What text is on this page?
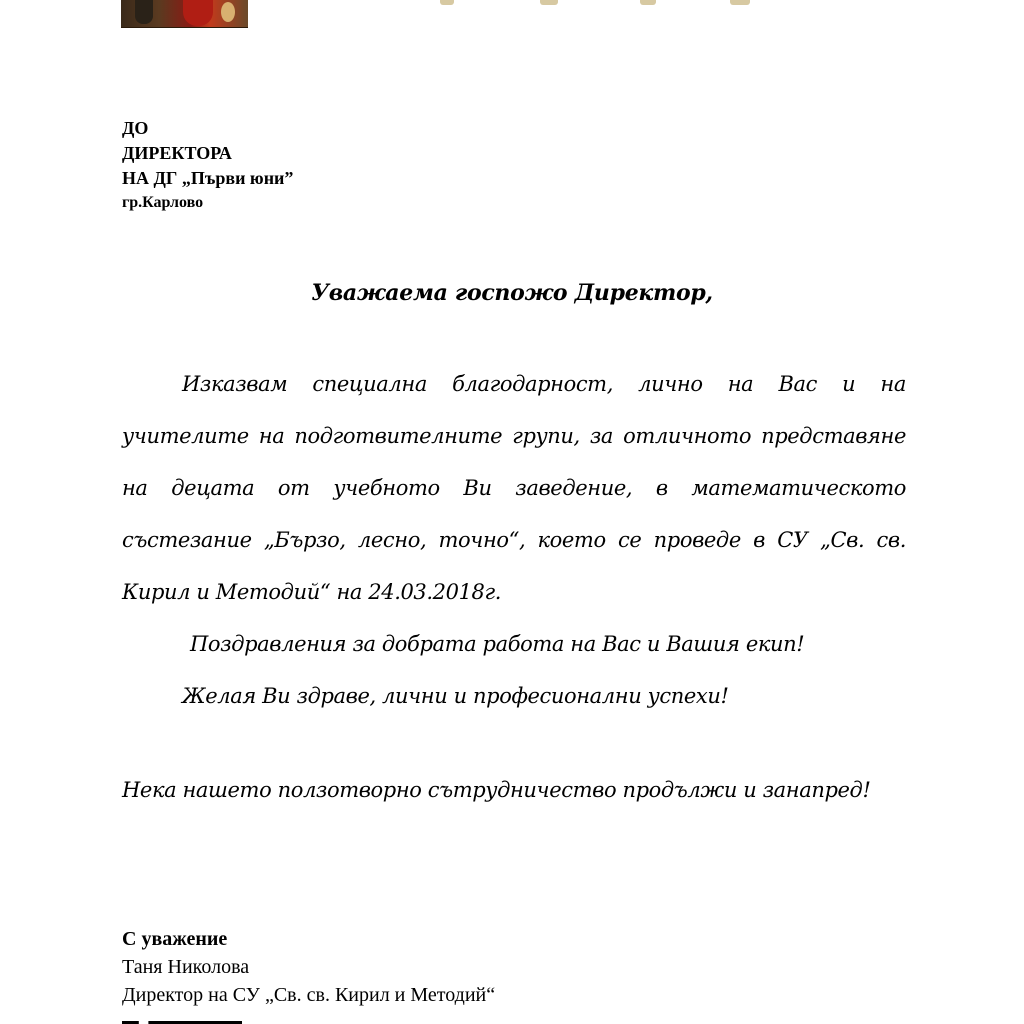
ДО
ДИРЕКТОРА
НА ДГ „Първи юни”
гр.Карлово
Уважаема госпожо Директор,

Изказвам специална благодарност, лично на Вас и на учителите на подготвителните групи, за отличното представяне на децата от учебното Ви заведение, в математическото състезание „Бързо, лесно, точно“, което се проведе в СУ „Св. св. Кирил и Методий“ на 24.03.2018г.

Поздравления за добрата работа на Вас и Вашия екип!

Желая Ви здраве, лични и професионални успехи!

Нека нашето ползотворно сътрудничество продължи и занапред!
С уважение
Таня Николова
Директор на СУ „Св. св. Кирил и Методий“
